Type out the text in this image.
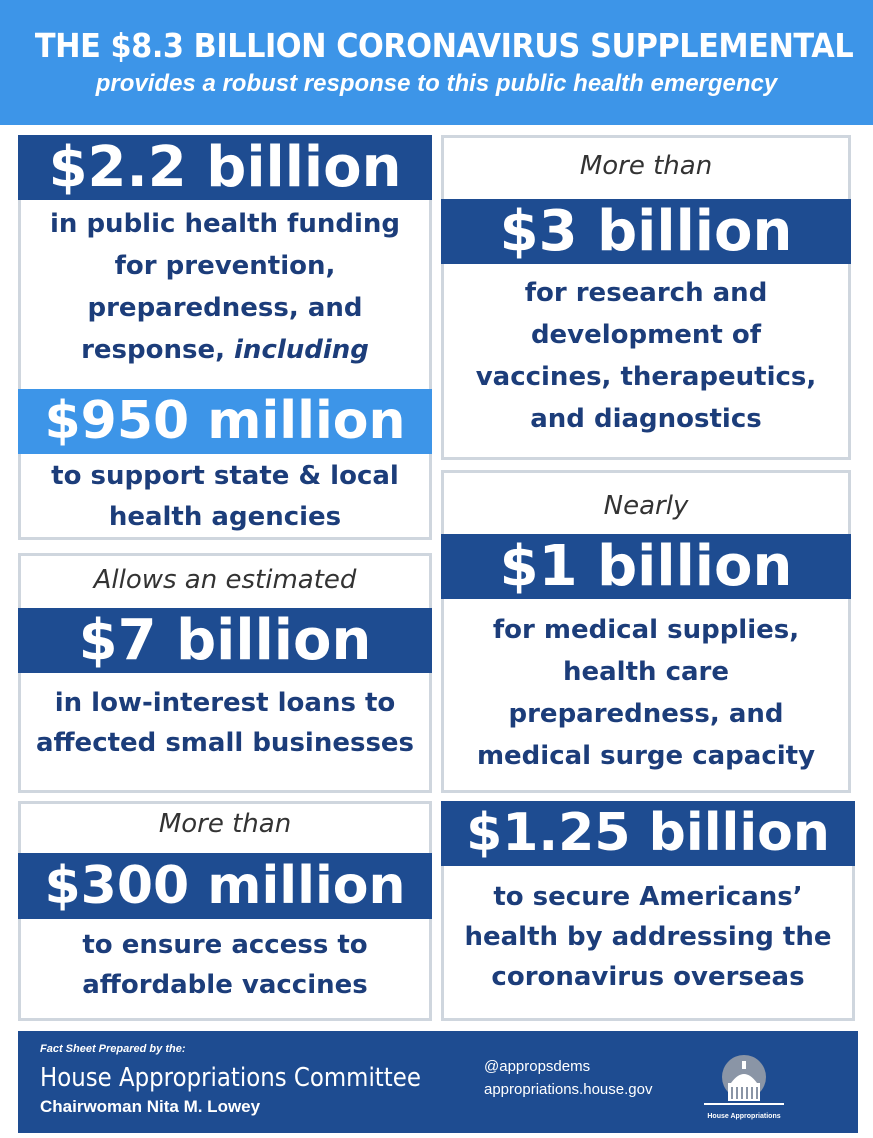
THE $8.3 BILLION CORONAVIRUS SUPPLEMENTAL
provides a robust response to this public health emergency
$2.2 billion
in public health funding
for prevention,
preparedness, and
response, including
$950 million
to support state & local
health agencies
More than
$3 billion
for research and
development of
vaccines, therapeutics,
and diagnostics
Allows an estimated
$7 billion
in low-interest loans to
affected small businesses
Nearly
$1 billion
for medical supplies,
health care
preparedness, and
medical surge capacity
More than
$300 million
to ensure access to
affordable vaccines
$1.25 billion
to secure Americans’
health by addressing the
coronavirus overseas
Fact Sheet Prepared by the:
House Appropriations Committee
Chairwoman Nita M. Lowey
@appropsdems
appropriations.house.gov
House Appropriations
